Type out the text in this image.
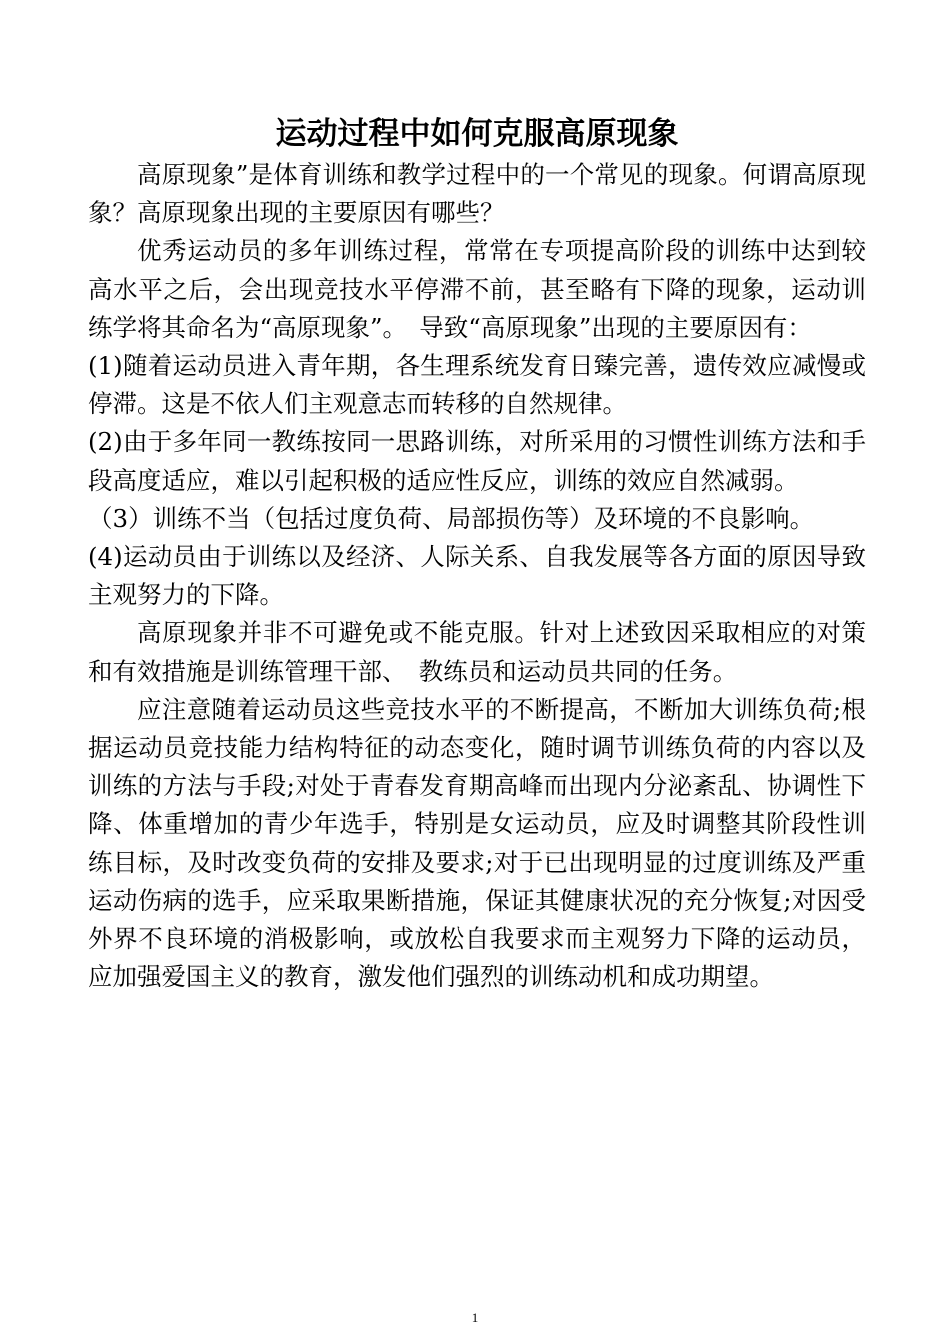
运动过程中如何克服高原现象

高原现象”是体育训练和教学过程中的一个常见的现象。何谓高原现象？高原现象出现的主要原因有哪些？

优秀运动员的多年训练过程，常常在专项提高阶段的训练中达到较高水平之后，会出现竞技水平停滞不前，甚至略有下降的现象，运动训练学将其命名为“高原现象”。　导致“高原现象”出现的主要原因有：

(1)随着运动员进入青年期，各生理系统发育日臻完善，遗传效应减慢或停滞。这是不依人们主观意志而转移的自然规律。

(2)由于多年同一教练按同一思路训练，对所采用的习惯性训练方法和手段高度适应，难以引起积极的适应性反应，训练的效应自然减弱。

（3）训练不当（包括过度负荷、局部损伤等）及环境的不良影响。

(4)运动员由于训练以及经济、人际关系、自我发展等各方面的原因导致主观努力的下降。

高原现象并非不可避免或不能克服。针对上述致因采取相应的对策和有效措施是训练管理干部、　教练员和运动员共同的任务。

应注意随着运动员这些竞技水平的不断提高，不断加大训练负荷;根据运动员竞技能力结构特征的动态变化，随时调节训练负荷的内容以及训练的方法与手段;对处于青春发育期高峰而出现内分泌紊乱、协调性下降、体重增加的青少年选手，特别是女运动员，应及时调整其阶段性训练目标，及时改变负荷的安排及要求;对于已出现明显的过度训练及严重运动伤病的选手，应采取果断措施，保证其健康状况的充分恢复;对因受外界不良环境的消极影响，或放松自我要求而主观努力下降的运动员，应加强爱国主义的教育，激发他们强烈的训练动机和成功期望。

1
